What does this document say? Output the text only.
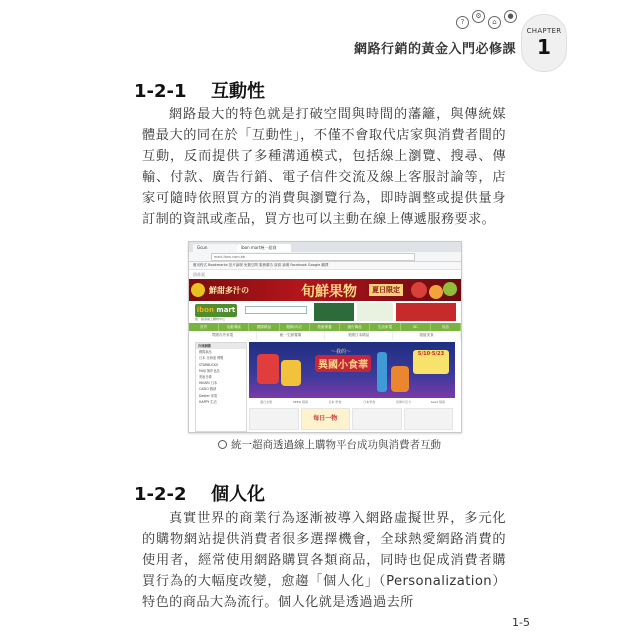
?
⚙
⌂
●
網路行銷的黃金入門必修課
CHAPTER
1
1-2-1 互動性

網路最大的特色就是打破空間與時間的藩籬，與傳統媒體最大的同在於「互動性」，不僅不會取代店家與消費者間的互動，反而提供了多種溝通模式，包括線上瀏覽、搜尋、傳輸、付款、廣告行銷、電子信件交流及線上客服討論等，店家可隨時依照買方的消費與瀏覽行為，即時調整或提供量身訂制的資訊或產品，買方也可以主動在線上傳遞服務要求。

Gcun	ibon mart統一超商
mart.ibon.com.tw
應用程式 Bookmarks 拍片論壇 免費空間 服務廣告 資源 論壇 Facebook Google 翻譯
回首頁
鮮甜多汁の	旬鮮果物	夏日限定
ibon mart
統一超商線上購物中心
首頁	活動專區	國際精品	服飾/內衣	美妝保養	流行飾品	生活家電	3C	食品
買國內外家電	統一生鮮賣場	美國日本精品	超值美食
冷凍網購
國際新品
日本 北海道 博覽
STARBUCKS
MUJI 無印良品
美妝日韓
HIKARI 日本
CASIO 腕錶
Dexter 家電
HAPPY 生活
～我的～
異國小食華
5/10‧5/23
夏日水果	SEED 寫真	日本 零食	日本零食	世界巧克力	Seed 寫真
每日一物
統一超商透過線上購物平台成功與消費者互動
1-2-2 個人化

真實世界的商業行為逐漸被導入網路虛擬世界，多元化的購物網站提供消費者很多選擇機會，全球熱愛網路消費的使用者，經常使用網路購買各類商品，同時也促成消費者購買行為的大幅度改變，愈趨「個人化」（Personalization）特色的商品大為流行。個人化就是透過過去所

1-5
